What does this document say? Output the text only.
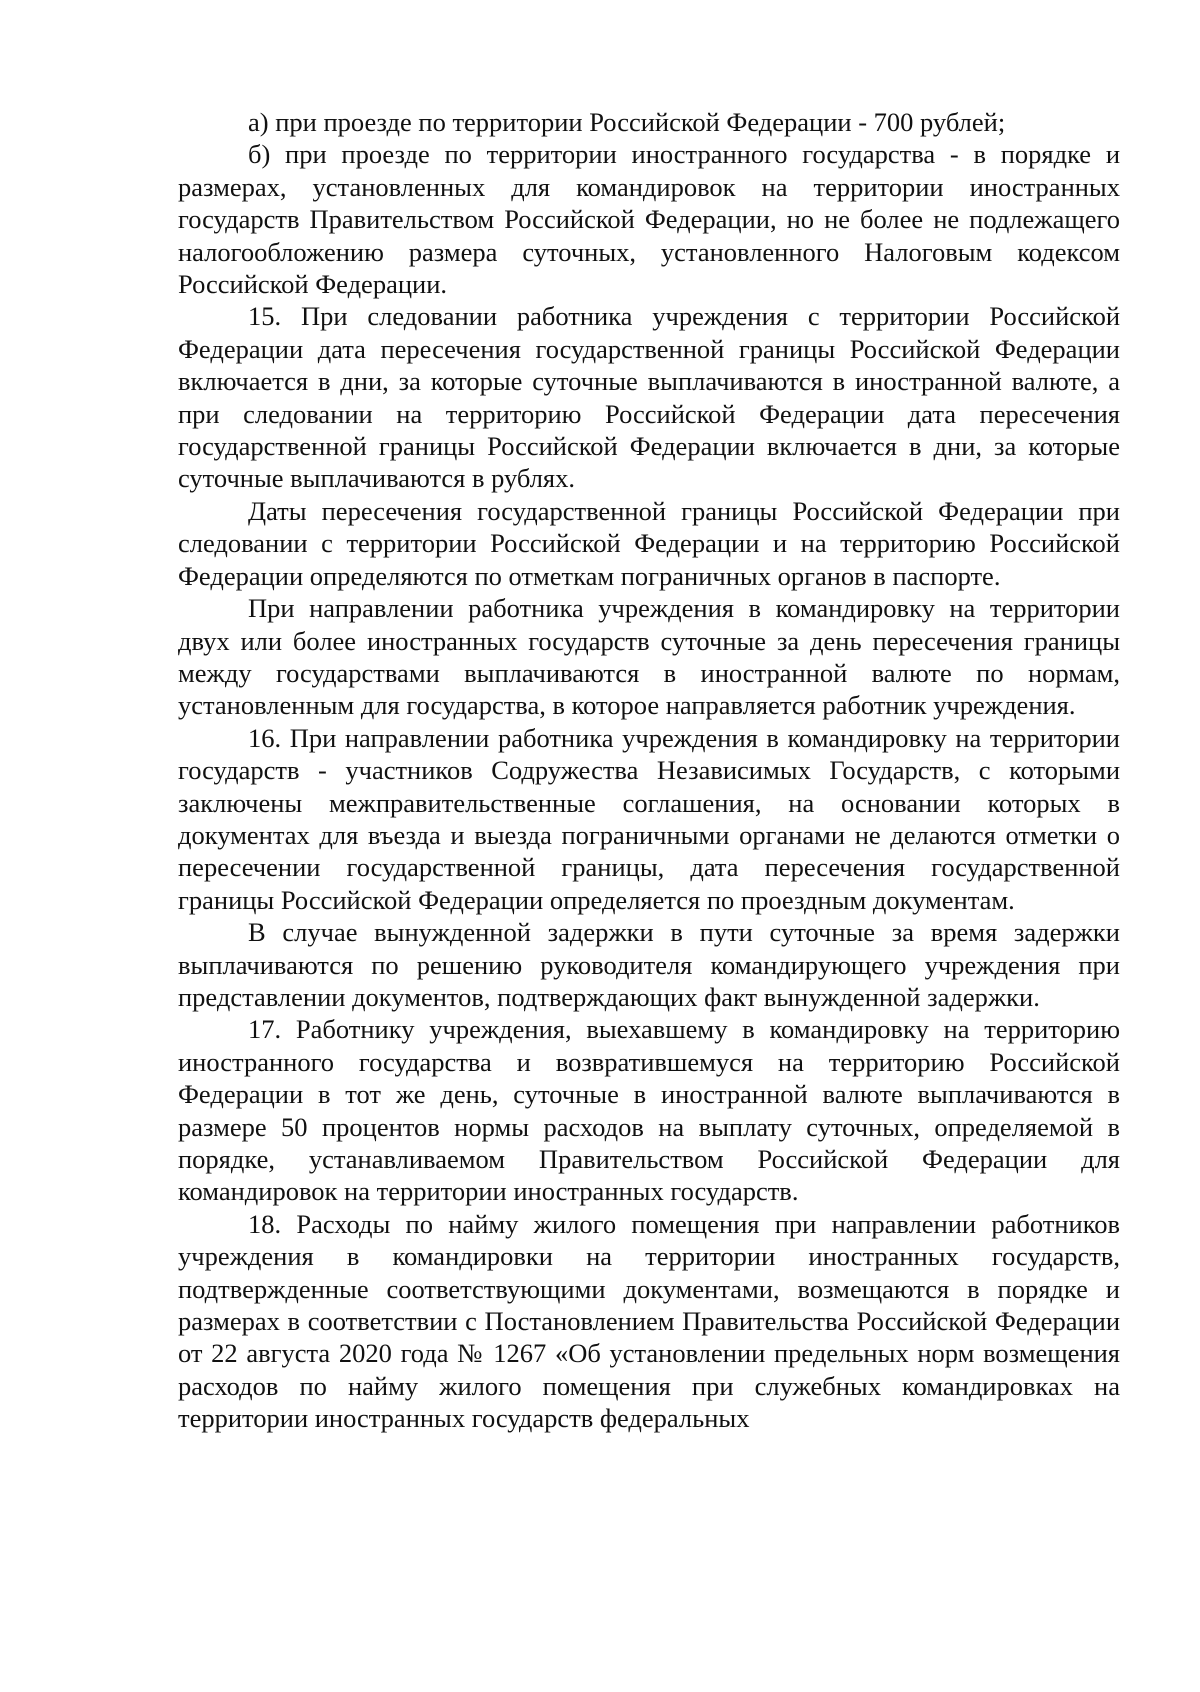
а) при проезде по территории Российской Федерации - 700 рублей;

б) при проезде по территории иностранного государства - в порядке и размерах, установленных для командировок на территории иностранных государств Правительством Российской Федерации, но не более не подлежащего налогообложению размера суточных, установленного Налоговым кодексом Российской Федерации.

15. При следовании работника учреждения с территории Российской Федерации дата пересечения государственной границы Российской Федерации включается в дни, за которые суточные выплачиваются в иностранной валюте, а при следовании на территорию Российской Федерации дата пересечения государственной границы Российской Федерации включается в дни, за которые суточные выплачиваются в рублях.

Даты пересечения государственной границы Российской Федерации при следовании с территории Российской Федерации и на территорию Российской Федерации определяются по отметкам пограничных органов в паспорте.

При направлении работника учреждения в командировку на территории двух или более иностранных государств суточные за день пересечения границы между государствами выплачиваются в иностранной валюте по нормам, установленным для государства, в которое направляется работник учреждения.

16. При направлении работника учреждения в командировку на территории государств - участников Содружества Независимых Государств, с которыми заключены межправительственные соглашения, на основании которых в документах для въезда и выезда пограничными органами не делаются отметки о пересечении государственной границы, дата пересечения государственной границы Российской Федерации определяется по проездным документам.

В случае вынужденной задержки в пути суточные за время задержки выплачиваются по решению руководителя командирующего учреждения при представлении документов, подтверждающих факт вынужденной задержки.

17. Работнику учреждения, выехавшему в командировку на территорию иностранного государства и возвратившемуся на территорию Российской Федерации в тот же день, суточные в иностранной валюте выплачиваются в размере 50 процентов нормы расходов на выплату суточных, определяемой в порядке, устанавливаемом Правительством Российской Федерации для командировок на территории иностранных государств.

18. Расходы по найму жилого помещения при направлении работников учреждения в командировки на территории иностранных государств, подтвержденные соответствующими документами, возмещаются в порядке и размерах в соответствии с Постановлением Правительства Российской Федерации от 22 августа 2020 года № 1267 «Об установлении предельных норм возмещения расходов по найму жилого помещения при служебных командировках на территории иностранных государств федеральных
